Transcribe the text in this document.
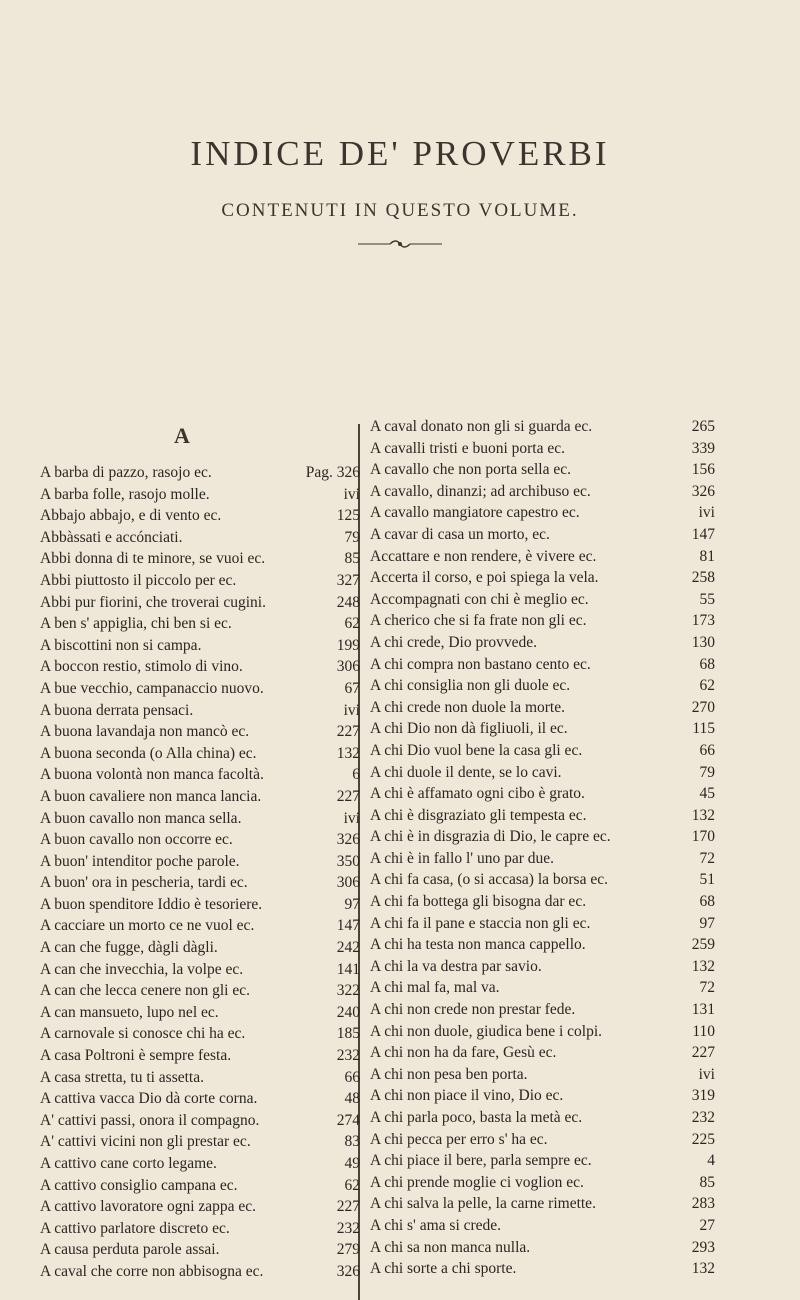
INDICE DE' PROVERBI
CONTENUTI IN QUESTO VOLUME.
A
A barba di pazzo, rasojo ec.	Pag. 326
A barba folle, rasojo molle.	ivi
Abbajo abbajo, e di vento ec.	125
Abbàssati e accónciati.	79
Abbi donna di te minore, se vuoi ec.	85
Abbi piuttosto il piccolo per ec.	327
Abbi pur fiorini, che troverai cugini.	248
A ben s' appiglia, chi ben si ec.	62
A biscottini non si campa.	199
A boccon restio, stimolo di vino.	306
A bue vecchio, campanaccio nuovo.	67
A buona derrata pensaci.	ivi
A buona lavandaja non mancò ec.	227
A buona seconda (o Alla china) ec.	132
A buona volontà non manca facoltà.	6
A buon cavaliere non manca lancia.	227
A buon cavallo non manca sella.	ivi
A buon cavallo non occorre ec.	326
A buon' intenditor poche parole.	350
A buon' ora in pescheria, tardi ec.	306
A buon spenditore Iddio è tesoriere.	97
A cacciare un morto ce ne vuol ec.	147
A can che fugge, dàgli dàgli.	242
A can che invecchia, la volpe ec.	141
A can che lecca cenere non gli ec.	322
A can mansueto, lupo nel ec.	240
A carnovale si conosce chi ha ec.	185
A casa Poltroni è sempre festa.	232
A casa stretta, tu ti assetta.	66
A cattiva vacca Dio dà corte corna.	48
A' cattivi passi, onora il compagno.	274
A' cattivi vicini non gli prestar ec.	83
A cattivo cane corto legame.	49
A cattivo consiglio campana ec.	62
A cattivo lavoratore ogni zappa ec.	227
A cattivo parlatore discreto ec.	232
A causa perduta parole assai.	279
A caval che corre non abbisogna ec.	326
A caval donato non gli si guarda ec.	265
A cavalli tristi e buoni porta ec.	339
A cavallo che non porta sella ec.	156
A cavallo, dinanzi; ad archibuso ec.	326
A cavallo mangiatore capestro ec.	ivi
A cavar di casa un morto, ec.	147
Accattare e non rendere, è vivere ec.	81
Accerta il corso, e poi spiega la vela.	258
Accompagnati con chi è meglio ec.	55
A cherico che si fa frate non gli ec.	173
A chi crede, Dio provvede.	130
A chi compra non bastano cento ec.	68
A chi consiglia non gli duole ec.	62
A chi crede non duole la morte.	270
A chi Dio non dà figliuoli, il ec.	115
A chi Dio vuol bene la casa gli ec.	66
A chi duole il dente, se lo cavi.	79
A chi è affamato ogni cibo è grato.	45
A chi è disgraziato gli tempesta ec.	132
A chi è in disgrazia di Dio, le capre ec.	170
A chi è in fallo l' uno par due.	72
A chi fa casa, (o si accasa) la borsa ec.	51
A chi fa bottega gli bisogna dar ec.	68
A chi fa il pane e staccia non gli ec.	97
A chi ha testa non manca cappello.	259
A chi la va destra par savio.	132
A chi mal fa, mal va.	72
A chi non crede non prestar fede.	131
A chi non duole, giudica bene i colpi.	110
A chi non ha da fare, Gesù ec.	227
A chi non pesa ben porta.	ivi
A chi non piace il vino, Dio ec.	319
A chi parla poco, basta la metà ec.	232
A chi pecca per erro s' ha ec.	225
A chi piace il bere, parla sempre ec.	4
A chi prende moglie ci voglion ec.	85
A chi salva la pelle, la carne rimette.	283
A chi s' ama si crede.	27
A chi sa non manca nulla.	293
A chi sorte a chi sporte.	132
